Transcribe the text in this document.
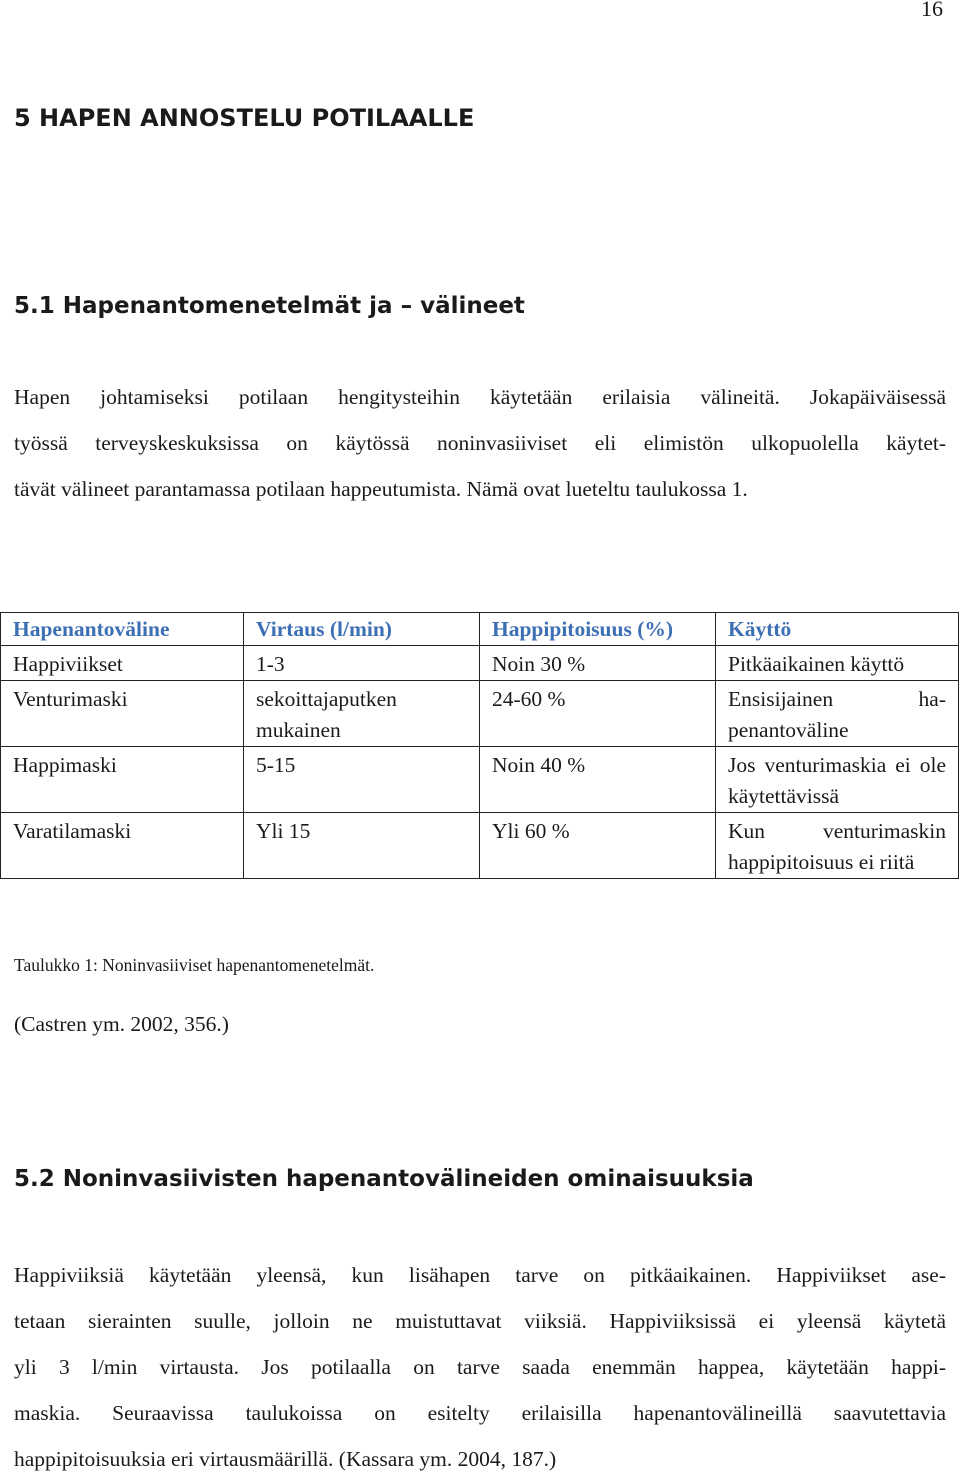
16
5 HAPEN ANNOSTELU POTILAALLE
5.1 Hapenantomenetelmät ja – välineet
Hapen johtamiseksi potilaan hengitysteihin käytetään erilaisia välineitä. Jokapäiväisessä
työssä terveyskeskuksissa on käytössä noninvasiiviset eli elimistön ulkopuolella käytet-
tävät välineet parantamassa potilaan happeutumista. Nämä ovat lueteltu taulukossa 1.
Hapenantoväline	Virtaus (l/min)	Happipitoisuus (%)	Käyttö
Happiviikset	1-3	Noin 30 %	Pitkäaikainen käyttö
Venturimaski	sekoittajaputken mukainen	24-60 %	Ensisijainen ha-penantoväline
Happimaski	5-15	Noin 40 %	Jos venturimaskia ei ole käytettävissä
Varatilamaski	Yli 15	Yli 60 %	Kun venturimaskin happipitoisuus ei riitä
Taulukko 1: Noninvasiiviset hapenantomenetelmät.
(Castren ym. 2002, 356.)
5.2 Noninvasiivisten hapenantovälineiden ominaisuuksia
Happiviiksiä käytetään yleensä, kun lisähapen tarve on pitkäaikainen. Happiviikset ase-
tetaan sierainten suulle, jolloin ne muistuttavat viiksiä. Happiviiksissä ei yleensä käytetä
yli 3 l/min virtausta. Jos potilaalla on tarve saada enemmän happea, käytetään happi-
maskia. Seuraavissa taulukoissa on esitelty erilaisilla hapenantovälineillä saavutettavia
happipitoisuuksia eri virtausmäärillä. (Kassara ym. 2004, 187.)
